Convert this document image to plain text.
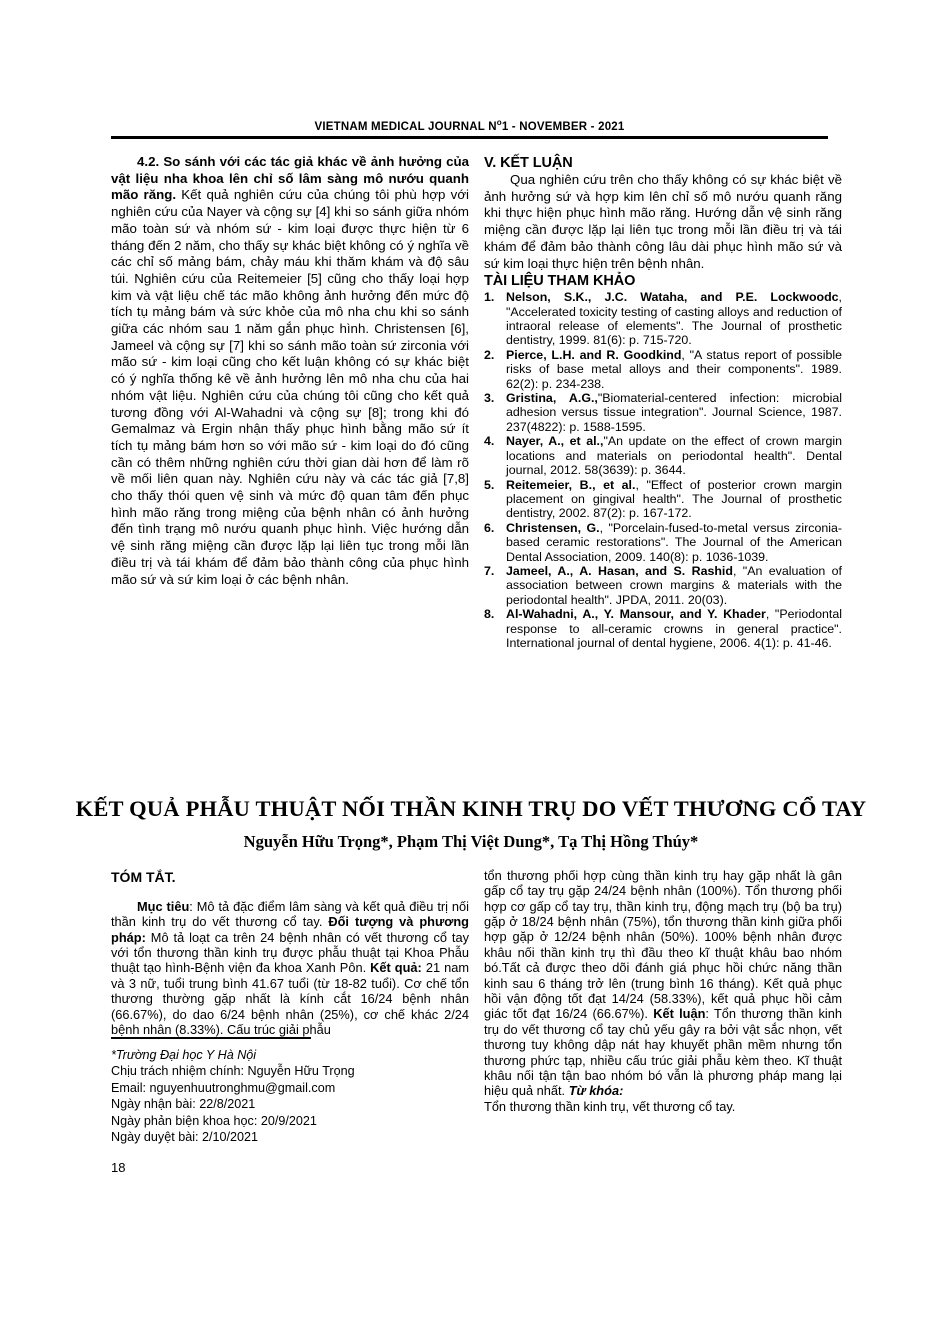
VIETNAM MEDICAL JOURNAL $N^o1$ - NOVEMBER - 2021

4.2. So sánh với các tác giả khác về ảnh hưởng của vật liệu nha khoa lên chỉ số lâm sàng mô nướu quanh mão răng. Kết quả nghiên cứu của chúng tôi phù hợp với nghiên cứu của Nayer và cộng sự [4] khi so sánh giữa nhóm mão toàn sứ và nhóm sứ - kim loại được thực hiện từ 6 tháng đến 2 năm, cho thấy sự khác biệt không có ý nghĩa về các chỉ số mảng bám, chảy máu khi thăm khám và độ sâu túi. Nghiên cứu của Reitemeier [5] cũng cho thấy loại hợp kim và vật liệu chế tác mão không ảnh hưởng đến mức độ tích tụ mảng bám và sức khỏe của mô nha chu khi so sánh giữa các nhóm sau 1 năm gắn phục hình. Christensen [6], Jameel và cộng sự [7] khi so sánh mão toàn sứ zirconia với mão sứ - kim loại cũng cho kết luận không có sự khác biệt có ý nghĩa thống kê về ảnh hưởng lên mô nha chu của hai nhóm vật liệu. Nghiên cứu của chúng tôi cũng cho kết quả tương đồng với Al-Wahadni và cộng sự [8]; trong khi đó Gemalmaz và Ergin nhận thấy phục hình bằng mão sứ ít tích tụ mảng bám hơn so với mão sứ - kim loại do đó cũng cần có thêm những nghiên cứu thời gian dài hơn để làm rõ về mối liên quan này. Nghiên cứu này và các tác giả [7,8] cho thấy thói quen vệ sinh và mức độ quan tâm đến phục hình mão răng trong miệng của bệnh nhân có ảnh hưởng đến tình trạng mô nướu quanh phục hình. Việc hướng dẫn vệ sinh răng miệng cần được lặp lại liên tục trong mỗi lần điều trị và tái khám để đảm bảo thành công của phục hình mão sứ và sứ kim loại ở các bệnh nhân.

V. KẾT LUẬN

Qua nghiên cứu trên cho thấy không có sự khác biệt về ảnh hưởng sứ và hợp kim lên chỉ số mô nướu quanh răng khi thực hiện phục hình mão răng. Hướng dẫn vệ sinh răng miệng cần được lặp lại liên tục trong mỗi lần điều trị và tái khám để đảm bảo thành công lâu dài phục hình mão sứ và sứ kim loại thực hiện trên bệnh nhân.

TÀI LIỆU THAM KHẢO

1. Nelson, S.K., J.C. Wataha, and P.E. Lockwoodc, "Accelerated toxicity testing of casting alloys and reduction of intraoral release of elements". The Journal of prosthetic dentistry, 1999. 81(6): p. 715-720.
2. Pierce, L.H. and R. Goodkind, "A status report of possible risks of base metal alloys and their components". 1989. 62(2): p. 234-238.
3. Gristina, A.G.,"Biomaterial-centered infection: microbial adhesion versus tissue integration". Journal Science, 1987. 237(4822): p. 1588-1595.
4. Nayer, A., et al.,"An update on the effect of crown margin locations and materials on periodontal health". Dental journal, 2012. 58(3639): p. 3644.
5. Reitemeier, B., et al., "Effect of posterior crown margin placement on gingival health". The Journal of prosthetic dentistry, 2002. 87(2): p. 167-172.
6. Christensen, G., "Porcelain-fused-to-metal versus zirconia-based ceramic restorations". The Journal of the American Dental Association, 2009. 140(8): p. 1036-1039.
7. Jameel, A., A. Hasan, and S. Rashid, "An evaluation of association between crown margins & materials with the periodontal health". JPDA, 2011. 20(03).
8. Al-Wahadni, A., Y. Mansour, and Y. Khader, "Periodontal response to all-ceramic crowns in general practice". International journal of dental hygiene, 2006. 4(1): p. 41-46.
KẾT QUẢ PHẪU THUẬT NỐI THẦN KINH TRỤ DO VẾT THƯƠNG CỔ TAY
Nguyễn Hữu Trọng*, Phạm Thị Việt Dung*, Tạ Thị Hồng Thúy*

TÓM TẮT.

Mục tiêu: Mô tả đặc điểm lâm sàng và kết quả điều trị nối thần kinh trụ do vết thương cổ tay. Đối tượng và phương pháp: Mô tả loạt ca trên 24 bệnh nhân có vết thương cổ tay với tổn thương thần kinh trụ được phẫu thuật tại Khoa Phẫu thuật tạo hình-Bệnh viện đa khoa Xanh Pôn. Kết quả: 21 nam và 3 nữ, tuổi trung bình 41.67 tuổi (từ 18-82 tuổi). Cơ chế tổn thương thường gặp nhất là kính cắt 16/24 bệnh nhân (66.67%), do dao 6/24 bệnh nhân (25%), cơ chế khác 2/24 bệnh nhân (8.33%). Cấu trúc giải phẫu

tổn thương phối hợp cùng thần kinh trụ hay gặp nhất là gân gấp cổ tay trụ gặp 24/24 bệnh nhân (100%). Tổn thương phối hợp cơ gấp cổ tay trụ, thần kinh trụ, động mạch trụ (bộ ba trụ) gặp ở 18/24 bệnh nhân (75%), tổn thương thần kinh giữa phối hợp gặp ở 12/24 bệnh nhân (50%). 100% bệnh nhân được khâu nối thần kinh trụ thì đầu theo kĩ thuật khâu bao nhóm bó.Tất cả được theo dõi đánh giá phục hồi chức năng thần kinh sau 6 tháng trở lên (trung bình 16 tháng). Kết quả phục hồi vận động tốt đạt 14/24 (58.33%), kết quả phục hồi cảm giác tốt đạt 16/24 (66.67%). Kết luận: Tổn thương thần kinh trụ do vết thương cổ tay chủ yếu gây ra bởi vật sắc nhọn, vết thương tuy không dập nát hay khuyết phần mềm nhưng tổn thương phức tạp, nhiều cấu trúc giải phẫu kèm theo. Kĩ thuật khâu nối tận tận bao nhóm bó vẫn là phương pháp mang lại hiệu quả nhất. Từ khóa:
Tổn thương thần kinh trụ, vết thương cổ tay.

*Trường Đại học Y Hà Nội
Chịu trách nhiệm chính: Nguyễn Hữu Trọng
Email: nguyenhuutronghmu@gmail.com
Ngày nhận bài: 22/8/2021
Ngày phản biện khoa học: 20/9/2021
Ngày duyệt bài: 2/10/2021
18
